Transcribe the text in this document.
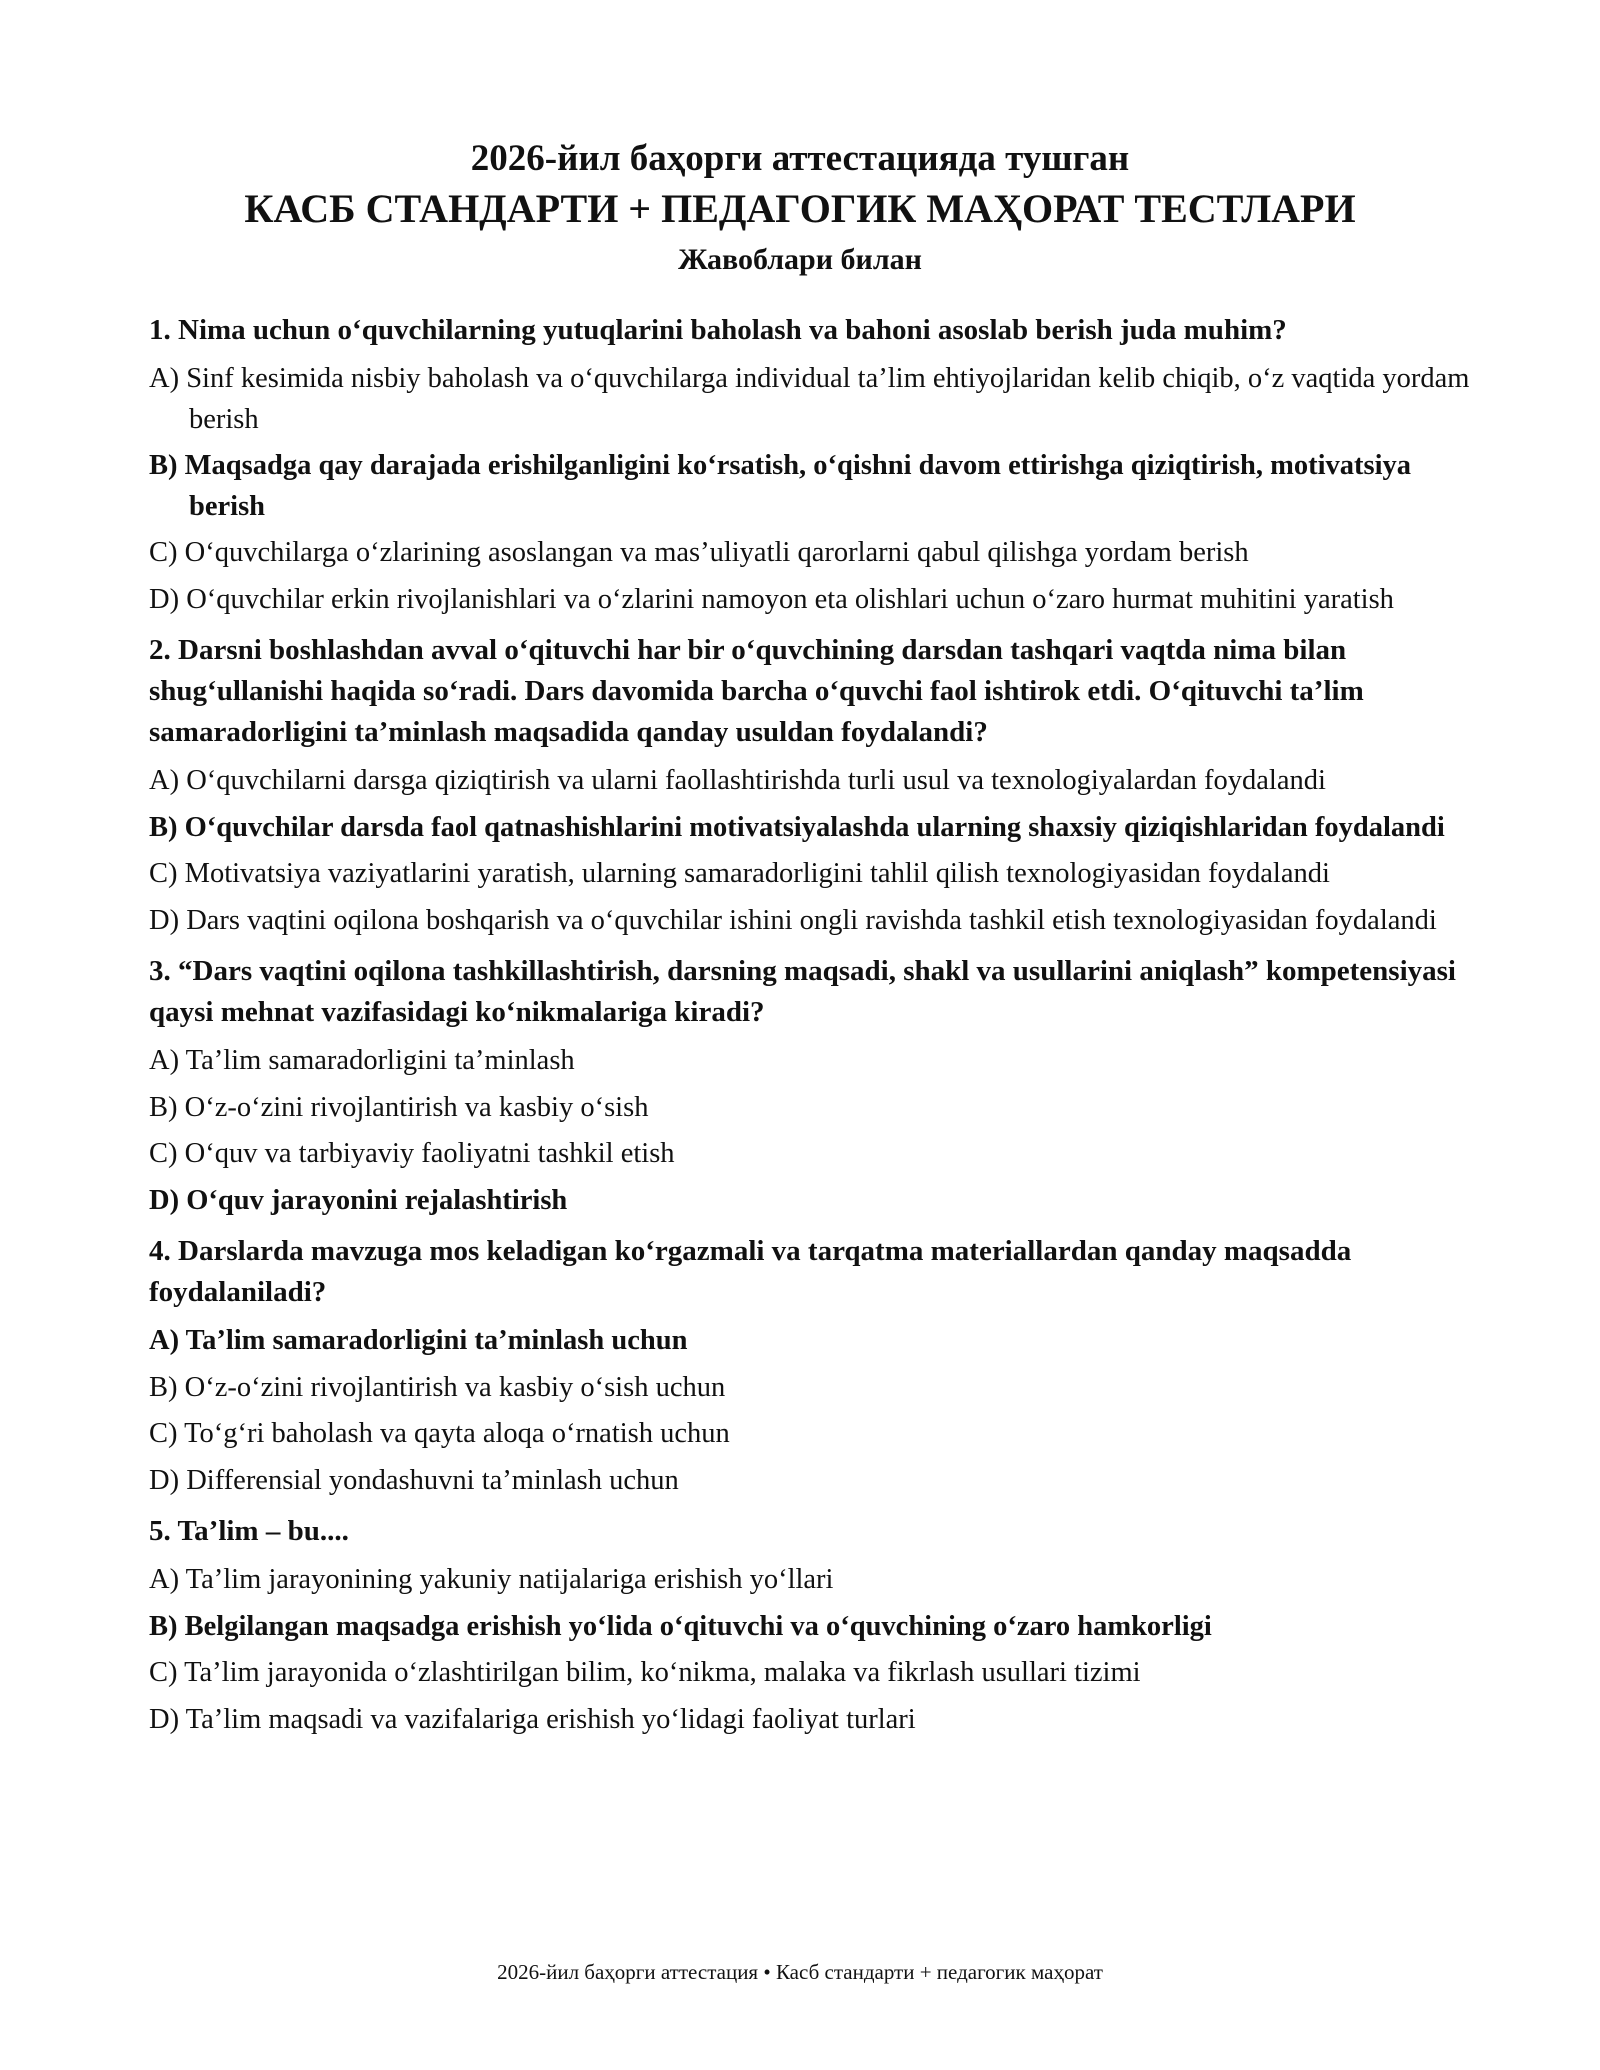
2026-йил баҳорги аттестацияда тушган

КАСБ СТАНДАРТИ + ПЕДАГОГИК МАҲОРАТ ТЕСТЛАРИ

Жавоблари билан

1. Nima uchun o‘quvchilarning yutuqlarini baholash va bahoni asoslab berish juda muhim?

A) Sinf kesimida nisbiy baholash va o‘quvchilarga individual ta’lim ehtiyojlaridan kelib chiqib, o‘z vaqtida yordam berish

B) Maqsadga qay darajada erishilganligini ko‘rsatish, o‘qishni davom ettirishga qiziqtirish, motivatsiya berish

C) O‘quvchilarga o‘zlarining asoslangan va mas’uliyatli qarorlarni qabul qilishga yordam berish

D) O‘quvchilar erkin rivojlanishlari va o‘zlarini namoyon eta olishlari uchun o‘zaro hurmat muhitini yaratish

2. Darsni boshlashdan avval o‘qituvchi har bir o‘quvchining darsdan tashqari vaqtda nima bilan shug‘ullanishi haqida so‘radi. Dars davomida barcha o‘quvchi faol ishtirok etdi. O‘qituvchi ta’lim samaradorligini ta’minlash maqsadida qanday usuldan foydalandi?

A) O‘quvchilarni darsga qiziqtirish va ularni faollashtirishda turli usul va texnologiyalardan foydalandi

B) O‘quvchilar darsda faol qatnashishlarini motivatsiyalashda ularning shaxsiy qiziqishlaridan foydalandi

C) Motivatsiya vaziyatlarini yaratish, ularning samaradorligini tahlil qilish texnologiyasidan foydalandi

D) Dars vaqtini oqilona boshqarish va o‘quvchilar ishini ongli ravishda tashkil etish texnologiyasidan foydalandi

3. “Dars vaqtini oqilona tashkillashtirish, darsning maqsadi, shakl va usullarini aniqlash” kompetensiyasi qaysi mehnat vazifasidagi ko‘nikmalariga kiradi?

A) Ta’lim samaradorligini ta’minlash

B) O‘z-o‘zini rivojlantirish va kasbiy o‘sish

C) O‘quv va tarbiyaviy faoliyatni tashkil etish

D) O‘quv jarayonini rejalashtirish

4. Darslarda mavzuga mos keladigan ko‘rgazmali va tarqatma materiallardan qanday maqsadda foydalaniladi?

A) Ta’lim samaradorligini ta’minlash uchun

B) O‘z-o‘zini rivojlantirish va kasbiy o‘sish uchun

C) To‘g‘ri baholash va qayta aloqa o‘rnatish uchun

D) Differensial yondashuvni ta’minlash uchun

5. Ta’lim – bu....

A) Ta’lim jarayonining yakuniy natijalariga erishish yo‘llari

B) Belgilangan maqsadga erishish yo‘lida o‘qituvchi va o‘quvchining o‘zaro hamkorligi

C) Ta’lim jarayonida o‘zlashtirilgan bilim, ko‘nikma, malaka va fikrlash usullari tizimi

D) Ta’lim maqsadi va vazifalariga erishish yo‘lidagi faoliyat turlari

2026-йил баҳорги аттестация • Касб стандарти + педагогик маҳорат
